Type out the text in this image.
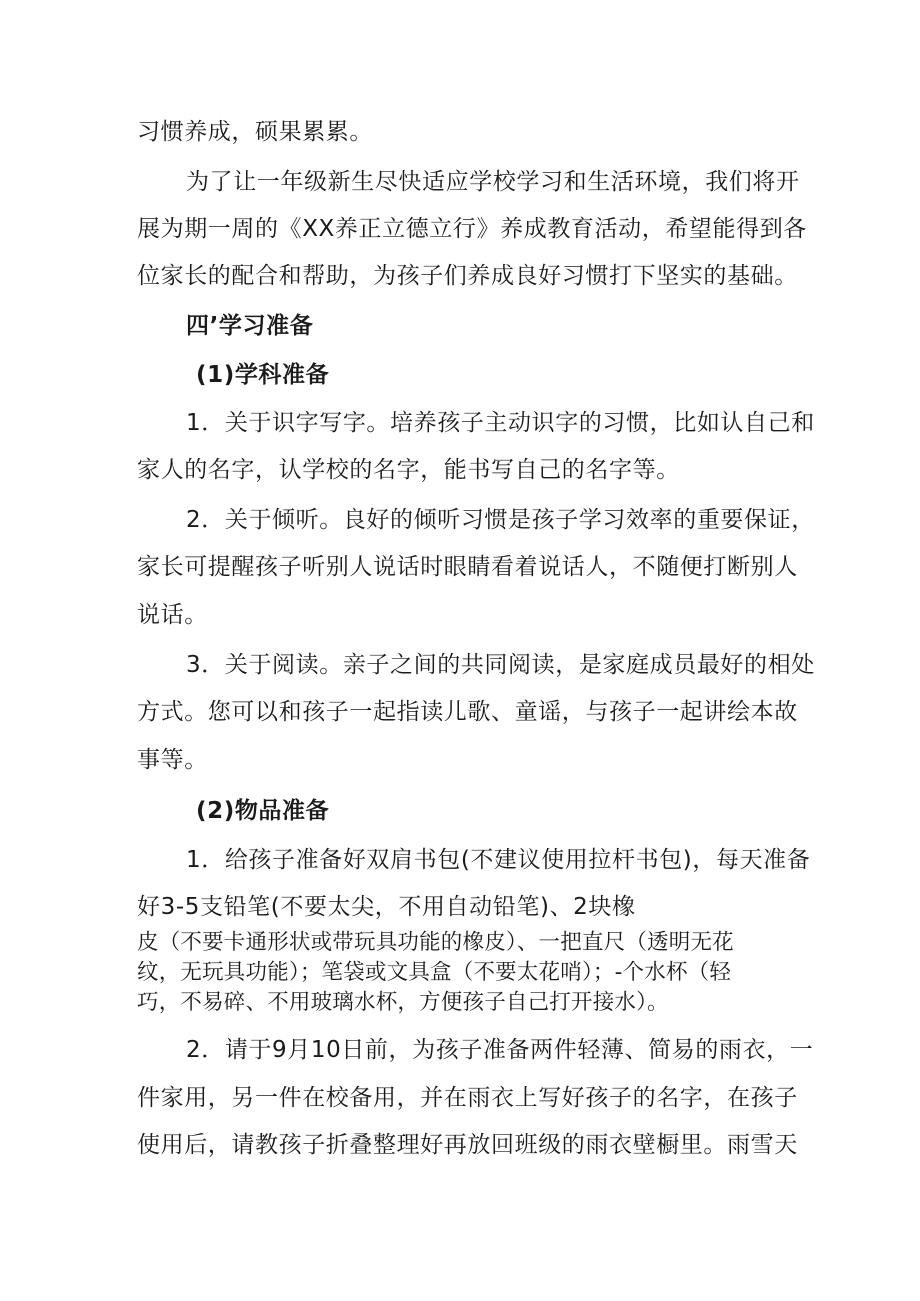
习惯养成，硕果累累。
为了让一年级新生尽快适应学校学习和生活环境，我们将开
展为期一周的《XX养正立德立行》养成教育活动，希望能得到各
位家长的配合和帮助，为孩子们养成良好习惯打下坚实的基础。
四’学习准备
(1)学科准备
1．关于识字写字。培养孩子主动识字的习惯，比如认自己和
家人的名字，认学校的名字，能书写自己的名字等。
2．关于倾听。良好的倾听习惯是孩子学习效率的重要保证，
家长可提醒孩子听别人说话时眼睛看着说话人，不随便打断别人
说话。
3．关于阅读。亲子之间的共同阅读，是家庭成员最好的相处
方式。您可以和孩子一起指读儿歌、童谣，与孩子一起讲绘本故
事等。
(2)物品准备
1．给孩子准备好双肩书包(不建议使用拉杆书包)，每天准备
好3-5支铅笔(不要太尖，不用自动铅笔)、2块橡
皮（不要卡通形状或带玩具功能的橡皮）、一把直尺（透明无花
纹，无玩具功能）；笔袋或文具盒（不要太花哨）；-个水杯（轻
巧，不易碎、不用玻璃水杯，方便孩子自己打开接水）。
2．请于9月10日前，为孩子准备两件轻薄、简易的雨衣，一
件家用，另一件在校备用，并在雨衣上写好孩子的名字，在孩子
使用后，请教孩子折叠整理好再放回班级的雨衣壁橱里。雨雪天
